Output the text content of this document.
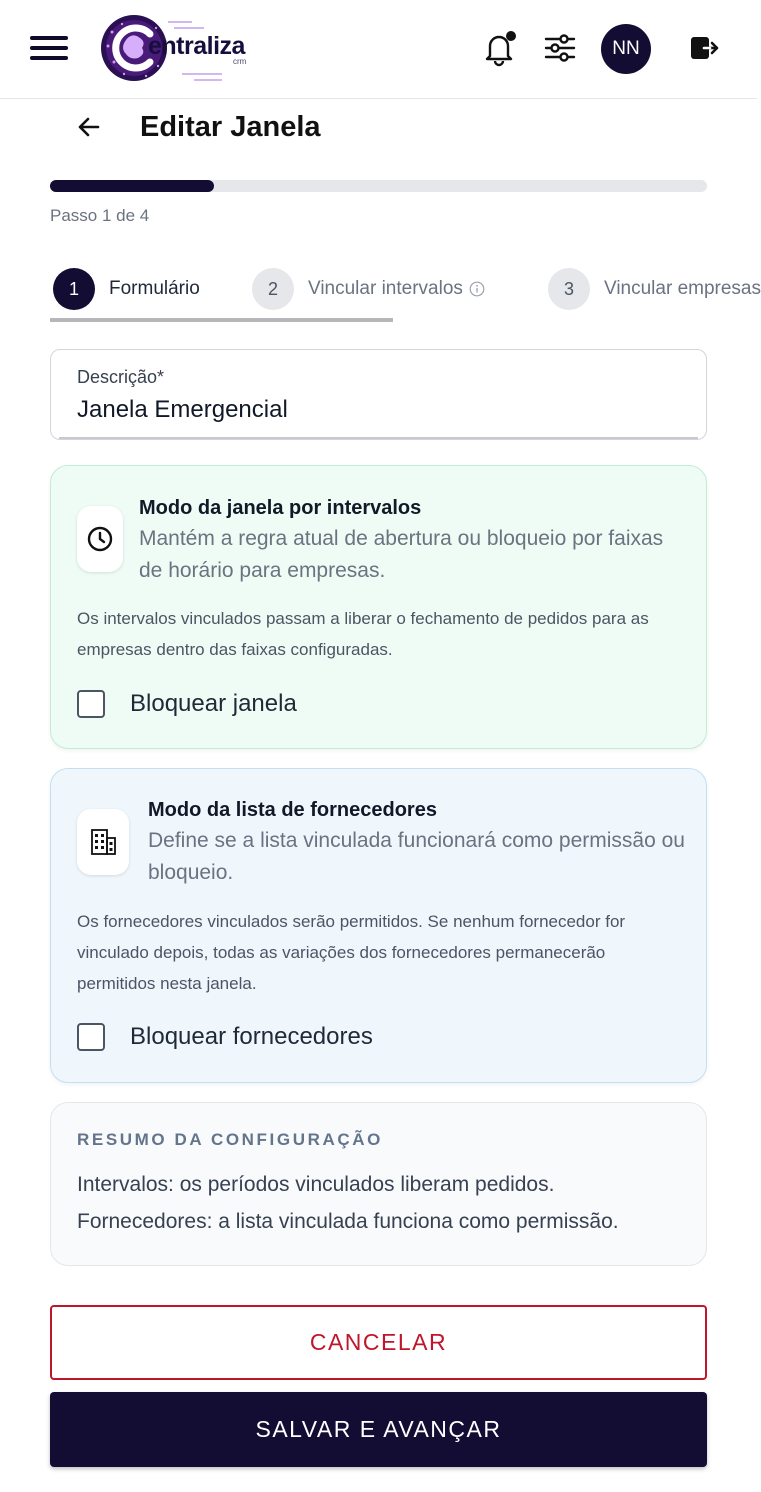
entraliza
crm
NN
Editar Janela
Passo 1 de 4
1	Formulário	2	Vincular intervalos	3	Vincular empresas
Descrição*
Janela Emergencial
Modo da janela por intervalos
Mantém a regra atual de abertura ou bloqueio por faixas de horário para empresas.
Os intervalos vinculados passam a liberar o fechamento de pedidos para as empresas dentro das faixas configuradas.
Bloquear janela
Modo da lista de fornecedores
Define se a lista vinculada funcionará como permissão ou bloqueio.
Os fornecedores vinculados serão permitidos. Se nenhum fornecedor for vinculado depois, todas as variações dos fornecedores permanecerão permitidos nesta janela.
Bloquear fornecedores
RESUMO DA CONFIGURAÇÃO
Intervalos: os períodos vinculados liberam pedidos.
Fornecedores: a lista vinculada funciona como permissão.
CANCELAR
SALVAR E AVANÇAR
